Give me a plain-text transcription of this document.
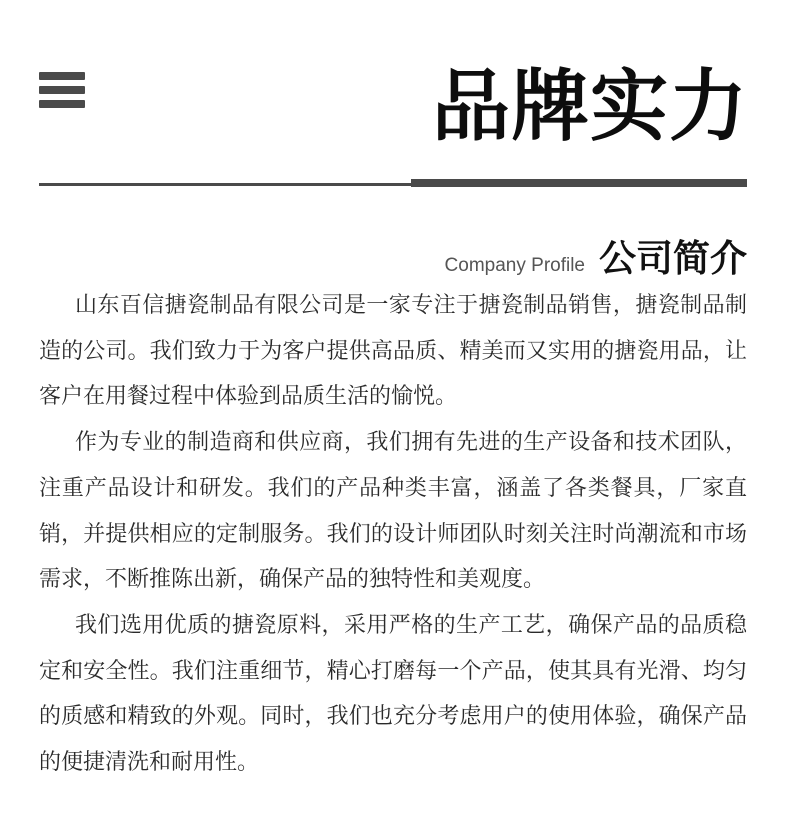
品牌实力
Company Profile 公司简介

山东百信搪瓷制品有限公司是一家专注于搪瓷制品销售，搪瓷制品制造的公司。我们致力于为客户提供高品质、精美而又实用的搪瓷用品，让客户在用餐过程中体验到品质生活的愉悦。

作为专业的制造商和供应商，我们拥有先进的生产设备和技术团队，注重产品设计和研发。我们的产品种类丰富，涵盖了各类餐具，厂家直销，并提供相应的定制服务。我们的设计师团队时刻关注时尚潮流和市场需求，不断推陈出新，确保产品的独特性和美观度。

我们选用优质的搪瓷原料，采用严格的生产工艺，确保产品的品质稳定和安全性。我们注重细节，精心打磨每一个产品，使其具有光滑、均匀的质感和精致的外观。同时，我们也充分考虑用户的使用体验，确保产品的便捷清洗和耐用性。
